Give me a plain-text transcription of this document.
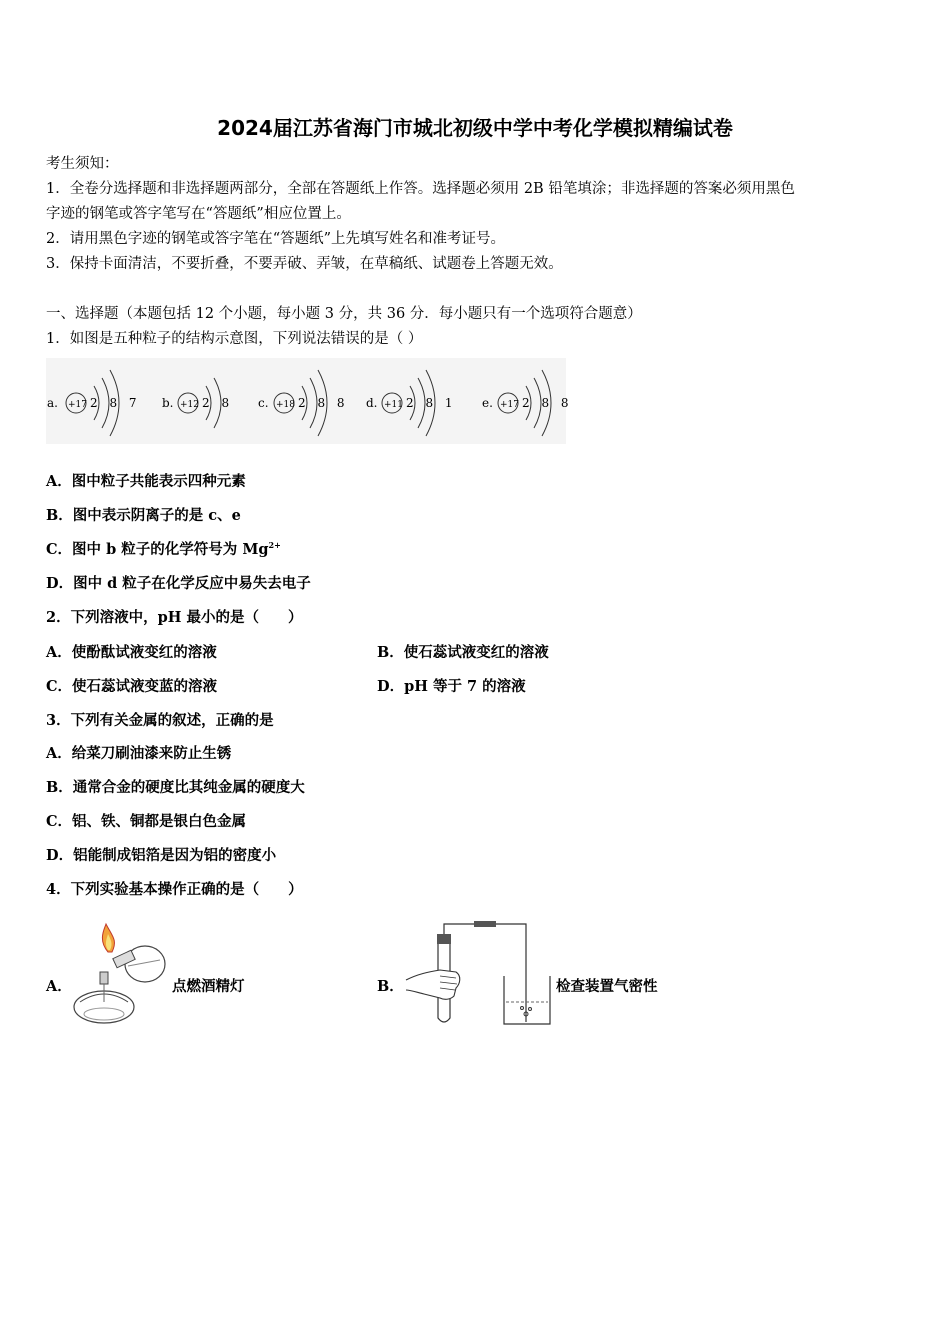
2024届江苏省海门市城北初级中学中考化学模拟精编试卷
考生须知：
1．全卷分选择题和非选择题两部分，全部在答题纸上作答。选择题必须用 2B 铅笔填涂；非选择题的答案必须用黑色
字迹的钢笔或答字笔写在“答题纸”相应位置上。
2．请用黑色字迹的钢笔或答字笔在“答题纸”上先填写姓名和准考证号。
3．保持卡面清洁，不要折叠，不要弄破、弄皱，在草稿纸、试题卷上答题无效。
一、选择题（本题包括 12 个小题，每小题 3 分，共 36 分．每小题只有一个选项符合题意）
1．如图是五种粒子的结构示意图，下列说法错误的是（ ）
a. +17 2 8 7 b. +12 2 8 c. +18 2 8 8 d. +11 2 8 1 e. +17 2 8 8
A．图中粒子共能表示四种元素
B．图中表示阴离子的是 c、e
C．图中 b 粒子的化学符号为 $Mg^{2+}$
D．图中 d 粒子在化学反应中易失去电子
2．下列溶液中，pH 最小的是（　　）
A．使酚酞试液变红的溶液	B．使石蕊试液变红的溶液
C．使石蕊试液变蓝的溶液	D．pH 等于 7 的溶液
3．下列有关金属的叙述，正确的是
A．给菜刀刷油漆来防止生锈
B．通常合金的硬度比其纯金属的硬度大
C．铝、铁、铜都是银白色金属
D．铝能制成铝箔是因为铝的密度小
4．下列实验基本操作正确的是（　　）
A．	点燃酒精灯	B．	检查装置气密性
